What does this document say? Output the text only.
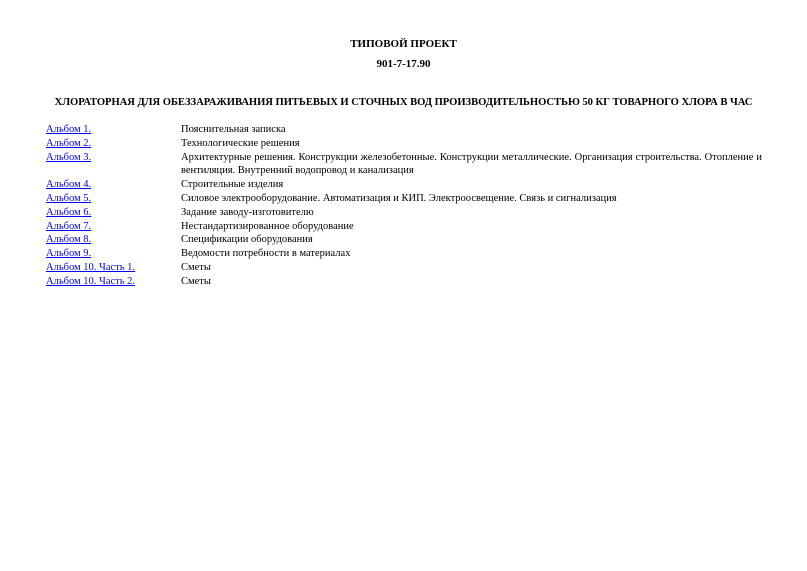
ТИПОВОЙ ПРОЕКТ

901-7-17.90

ХЛОРАТОРНАЯ ДЛЯ ОБЕЗЗАРАЖИВАНИЯ ПИТЬЕВЫХ И СТОЧНЫХ ВОД ПРОИЗВОДИТЕЛЬНОСТЬЮ 50 КГ ТОВАРНОГО ХЛОРА В ЧАС

Альбом 1.	Пояснительная записка
Альбом 2.	Технологические решения
Альбом 3.	Архитектурные решения. Конструкции железобетонные. Конструкции металлические. Организация строительства. Отопление и вентиляция. Внутренний водопровод и канализация
Альбом 4.	Строительные изделия
Альбом 5.	Силовое электрооборудование. Автоматизация и КИП. Электроосвещение. Связь и сигнализация
Альбом 6.	Задание заводу-изготовителю
Альбом 7.	Нестандартизированное оборудование
Альбом 8.	Спецификации оборудования
Альбом 9.	Ведомости потребности в материалах
Альбом 10. Часть 1.	Сметы
Альбом 10. Часть 2.	Сметы
